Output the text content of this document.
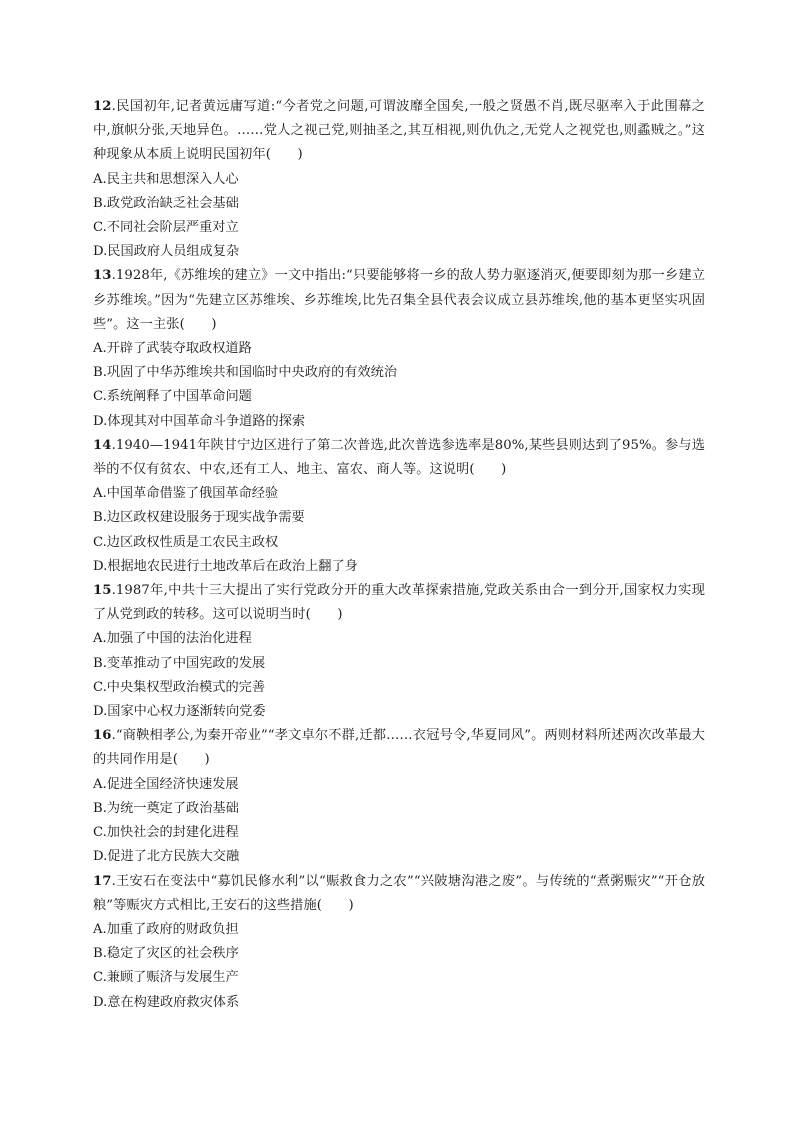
12.民国初年,记者黄远庸写道:“今者党之问题,可谓波靡全国矣,一般之贤愚不肖,既尽驱率入于此围幕之中,旗帜分张,天地异色。……党人之视己党,则抽圣之,其互相视,则仇仇之,无党人之视党也,则蟊贼之。”这种现象从本质上说明民国初年(　　)

A.民主共和思想深入人心

B.政党政治缺乏社会基础

C.不同社会阶层严重对立

D.民国政府人员组成复杂

13.1928年,《苏维埃的建立》一文中指出:“只要能够将一乡的敌人势力驱逐消灭,便要即刻为那一乡建立乡苏维埃。”因为“先建立区苏维埃、乡苏维埃,比先召集全县代表会议成立县苏维埃,他的基本更坚实巩固些”。这一主张(　　)

A.开辟了武装夺取政权道路

B.巩固了中华苏维埃共和国临时中央政府的有效统治

C.系统阐释了中国革命问题

D.体现其对中国革命斗争道路的探索

14.1940—1941年陕甘宁边区进行了第二次普选,此次普选参选率是80%,某些县则达到了95%。参与选举的不仅有贫农、中农,还有工人、地主、富农、商人等。这说明(　　)

A.中国革命借鉴了俄国革命经验

B.边区政权建设服务于现实战争需要

C.边区政权性质是工农民主政权

D.根据地农民进行土地改革后在政治上翻了身

15.1987年,中共十三大提出了实行党政分开的重大改革探索措施,党政关系由合一到分开,国家权力实现了从党到政的转移。这可以说明当时(　　)

A.加强了中国的法治化进程

B.变革推动了中国宪政的发展

C.中央集权型政治模式的完善

D.国家中心权力逐渐转向党委

16.“商鞅相孝公,为秦开帝业”“孝文卓尔不群,迁都……衣冠号令,华夏同风”。两则材料所述两次改革最大的共同作用是(　　)

A.促进全国经济快速发展

B.为统一奠定了政治基础

C.加快社会的封建化进程

D.促进了北方民族大交融

17.王安石在变法中“募饥民修水利”以“赈救食力之农”“兴陂塘沟港之废”。与传统的“煮粥赈灾”“开仓放粮”等赈灾方式相比,王安石的这些措施(　　)

A.加重了政府的财政负担

B.稳定了灾区的社会秩序

C.兼顾了赈济与发展生产

D.意在构建政府救灾体系
